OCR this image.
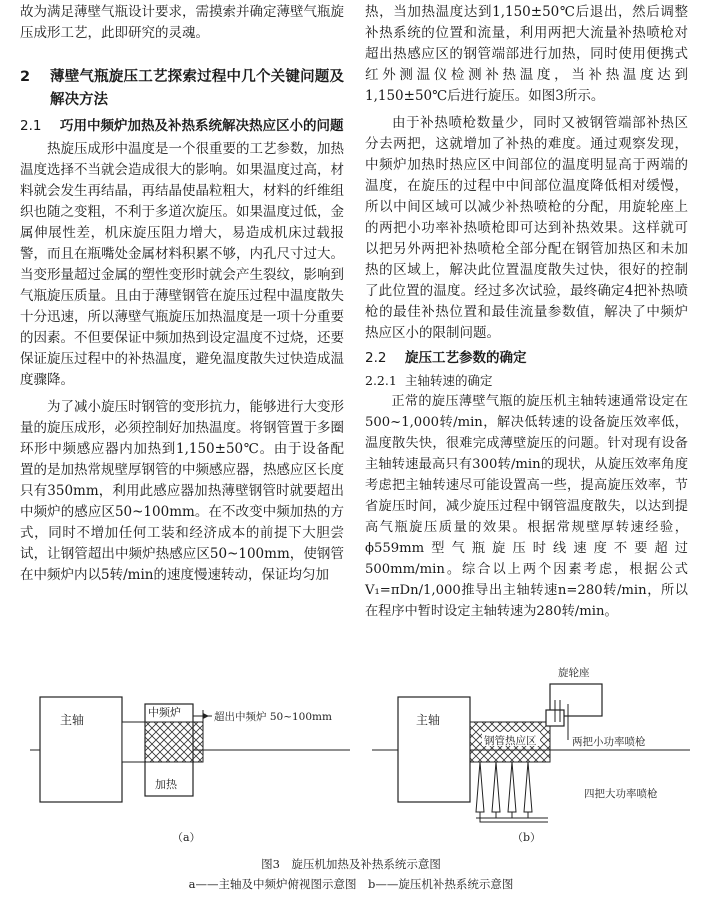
故为满足薄壁气瓶设计要求，需摸索并确定薄壁气瓶旋压成形工艺，此即研究的灵魂。

2	薄壁气瓶旋压工艺探索过程中几个关键问题及解决方法
2.1	巧用中频炉加热及补热系统解决热应区小的问题

热旋压成形中温度是一个很重要的工艺参数，加热温度选择不当就会造成很大的影响。如果温度过高，材料就会发生再结晶，再结晶使晶粒粗大，材料的纤维组织也随之变粗，不利于多道次旋压。如果温度过低，金属伸展性差，机床旋压阻力增大，易造成机床过载报警，而且在瓶嘴处金属材料积累不够，内孔尺寸过大。当变形量超过金属的塑性变形时就会产生裂纹，影响到气瓶旋压质量。且由于薄壁钢管在旋压过程中温度散失十分迅速，所以薄壁气瓶旋压加热温度是一项十分重要的因素。不但要保证中频加热到设定温度不过烧，还要保证旋压过程中的补热温度，避免温度散失过快造成温度骤降。

为了减小旋压时钢管的变形抗力，能够进行大变形量的旋压成形，必须控制好加热温度。将钢管置于多圈环形中频感应器内加热到1,150±50℃。由于设备配置的是加热常规壁厚钢管的中频感应器，热感应区长度只有350mm，利用此感应器加热薄壁钢管时就要超出中频炉的感应区50~100mm。在不改变中频加热的方式，同时不增加任何工装和经济成本的前提下大胆尝试，让钢管超出中频炉热感应区50~100mm，使钢管在中频炉内以5转/min的速度慢速转动，保证均匀加

热，当加热温度达到1,150±50℃后退出，然后调整补热系统的位置和流量，利用两把大流量补热喷枪对超出热感应区的钢管端部进行加热，同时使用便携式红外测温仪检测补热温度，当补热温度达到1,150±50℃后进行旋压。如图3所示。

由于补热喷枪数量少，同时又被钢管端部补热区分去两把，这就增加了补热的难度。通过观察发现，中频炉加热时热应区中间部位的温度明显高于两端的温度，在旋压的过程中中间部位温度降低相对缓慢，所以中间区域可以减少补热喷枪的分配，用旋轮座上的两把小功率补热喷枪即可达到补热效果。这样就可以把另外两把补热喷枪全部分配在钢管加热区和未加热的区域上，解决此位置温度散失过快，很好的控制了此位置的温度。经过多次试验，最终确定4把补热喷枪的最佳补热位置和最佳流量参数值，解决了中频炉热应区小的限制问题。

2.2	旋压工艺参数的确定
2.2.1 主轴转速的确定

正常的旋压薄壁气瓶的旋压机主轴转速通常设定在500~1,000转/min，解决低转速的设备旋压效率低，温度散失快，很难完成薄壁旋压的问题。针对现有设备主轴转速最高只有300转/min的现状，从旋压效率角度考虑把主轴转速尽可能设置高一些，提高旋压效率，节省旋压时间，减少旋压过程中钢管温度散失，以达到提高气瓶旋压质量的效果。根据常规壁厚转速经验，ϕ559mm型气瓶旋压时线速度不要超过500mm/min。综合以上两个因素考虑，根据公式V₁=πDn/1,000推导出主轴转速n=280转/min，所以在程序中暂时设定主轴转速为280转/min。

主轴
中频炉
加热
超出中频炉 50~100mm
（a）
主轴
钢管热应区
旋轮座
两把小功率喷枪
四把大功率喷枪
（b）
图3　旋压机加热及补热系统示意图
a——主轴及中频炉俯视图示意图　b——旋压机补热系统示意图
